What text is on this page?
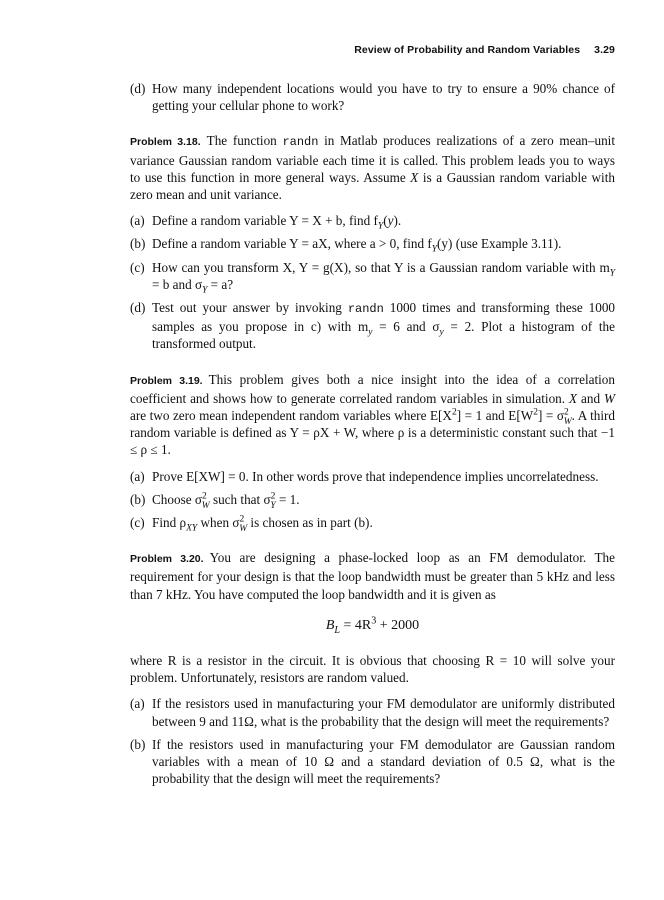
Review of Probability and Random Variables 3.29
(d) How many independent locations would you have to try to ensure a 90% chance of getting your cellular phone to work?

Problem 3.18. The function randn in Matlab produces realizations of a zero mean–unit variance Gaussian random variable each time it is called. This problem leads you to ways to use this function in more general ways. Assume X is a Gaussian random variable with zero mean and unit variance.

(a) Define a random variable Y = X + b, find $f_Y(y)$.
(b) Define a random variable Y = aX, where a > 0, find $f_Y(y)$ (use Example 3.11).
(c) How can you transform X, Y = g(X), so that Y is a Gaussian random variable with $m_Y = b$ and $\sigma_Y = a$?
(d) Test out your answer by invoking randn 1000 times and transforming these 1000 samples as you propose in c) with $m_y = 6$ and $\sigma_y = 2$. Plot a histogram of the transformed output.

Problem 3.19. This problem gives both a nice insight into the idea of a correlation coefficient and shows how to generate correlated random variables in simulation. X and W are two zero mean independent random variables where $E[X^2] = 1$ and $E[W^2] = \sigma^2_W$. A third random variable is defined as Y = ρX + W, where ρ is a deterministic constant such that −1 ≤ ρ ≤ 1.

(a) Prove E[XW] = 0. In other words prove that independence implies uncorrelatedness.
(b) Choose $\sigma^2_W$ such that $\sigma^2_Y = 1$.
(c) Find $\rho_{XY}$ when $\sigma^2_W$ is chosen as in part (b).

Problem 3.20. You are designing a phase-locked loop as an FM demodulator. The requirement for your design is that the loop bandwidth must be greater than 5 kHz and less than 7 kHz. You have computed the loop bandwidth and it is given as

$B_L = 4R^3 + 2000$

where R is a resistor in the circuit. It is obvious that choosing R = 10 will solve your problem. Unfortunately, resistors are random valued.

(a) If the resistors used in manufacturing your FM demodulator are uniformly distributed between 9 and 11Ω, what is the probability that the design will meet the requirements?
(b) If the resistors used in manufacturing your FM demodulator are Gaussian random variables with a mean of 10 Ω and a standard deviation of 0.5 Ω, what is the probability that the design will meet the requirements?
